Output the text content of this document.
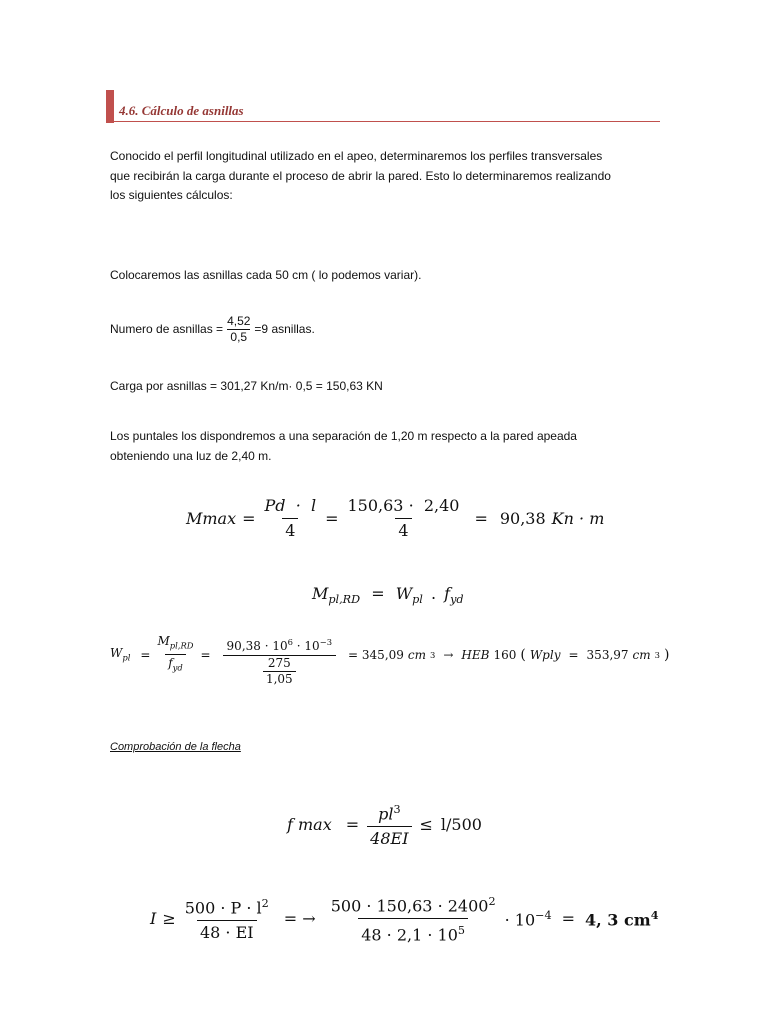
4.6. Cálculo de asnillas
Conocido el perfil longitudinal utilizado en el apeo, determinaremos los perfiles transversales
que recibirán la carga durante el proceso de abrir la pared. Esto lo determinaremos realizando
los siguientes cálculos:
Colocaremos las asnillas cada 50 cm ( lo podemos variar).
Numero de asnillas = $\frac{4,52}{0,5} =9$ asnillas.
Carga por asnillas = 301,27 Kn/m· 0,5 = 150,63 KN
Los puntales los dispondremos a una separación de 1,20 m respecto a la pared apeada
obteniendo una luz de 2,40 m.
$Mmax = \frac{Pd \cdot l}{4} = \frac{150,63 \cdot 2,40}{4} = 90,38$ Kn · m
$M_{pl,RD} = W_{pl}$ . $f_{yd}$
$W_{pl} = \frac{M_{pl,RD}}{f_{yd}} = \frac{90,38 \cdot 10^6 \cdot 10^{-3}}{\frac{275}{1,05}} = 345,09$ cm 3 → HEB 160 ( Wply = 353,97 cm 3 )
Comprobación de la flecha
f $\max = \frac{pl^3}{48EI} \le l/500$
$I \ge \frac{500 \cdot P \cdot l^2}{48 \cdot EI}$ = → $\frac{500 \cdot 150,63 \cdot 2400^2}{48 \cdot 2,1 \cdot 10^5} \cdot 10^{-4} = 4$, 3 $cm^4$
